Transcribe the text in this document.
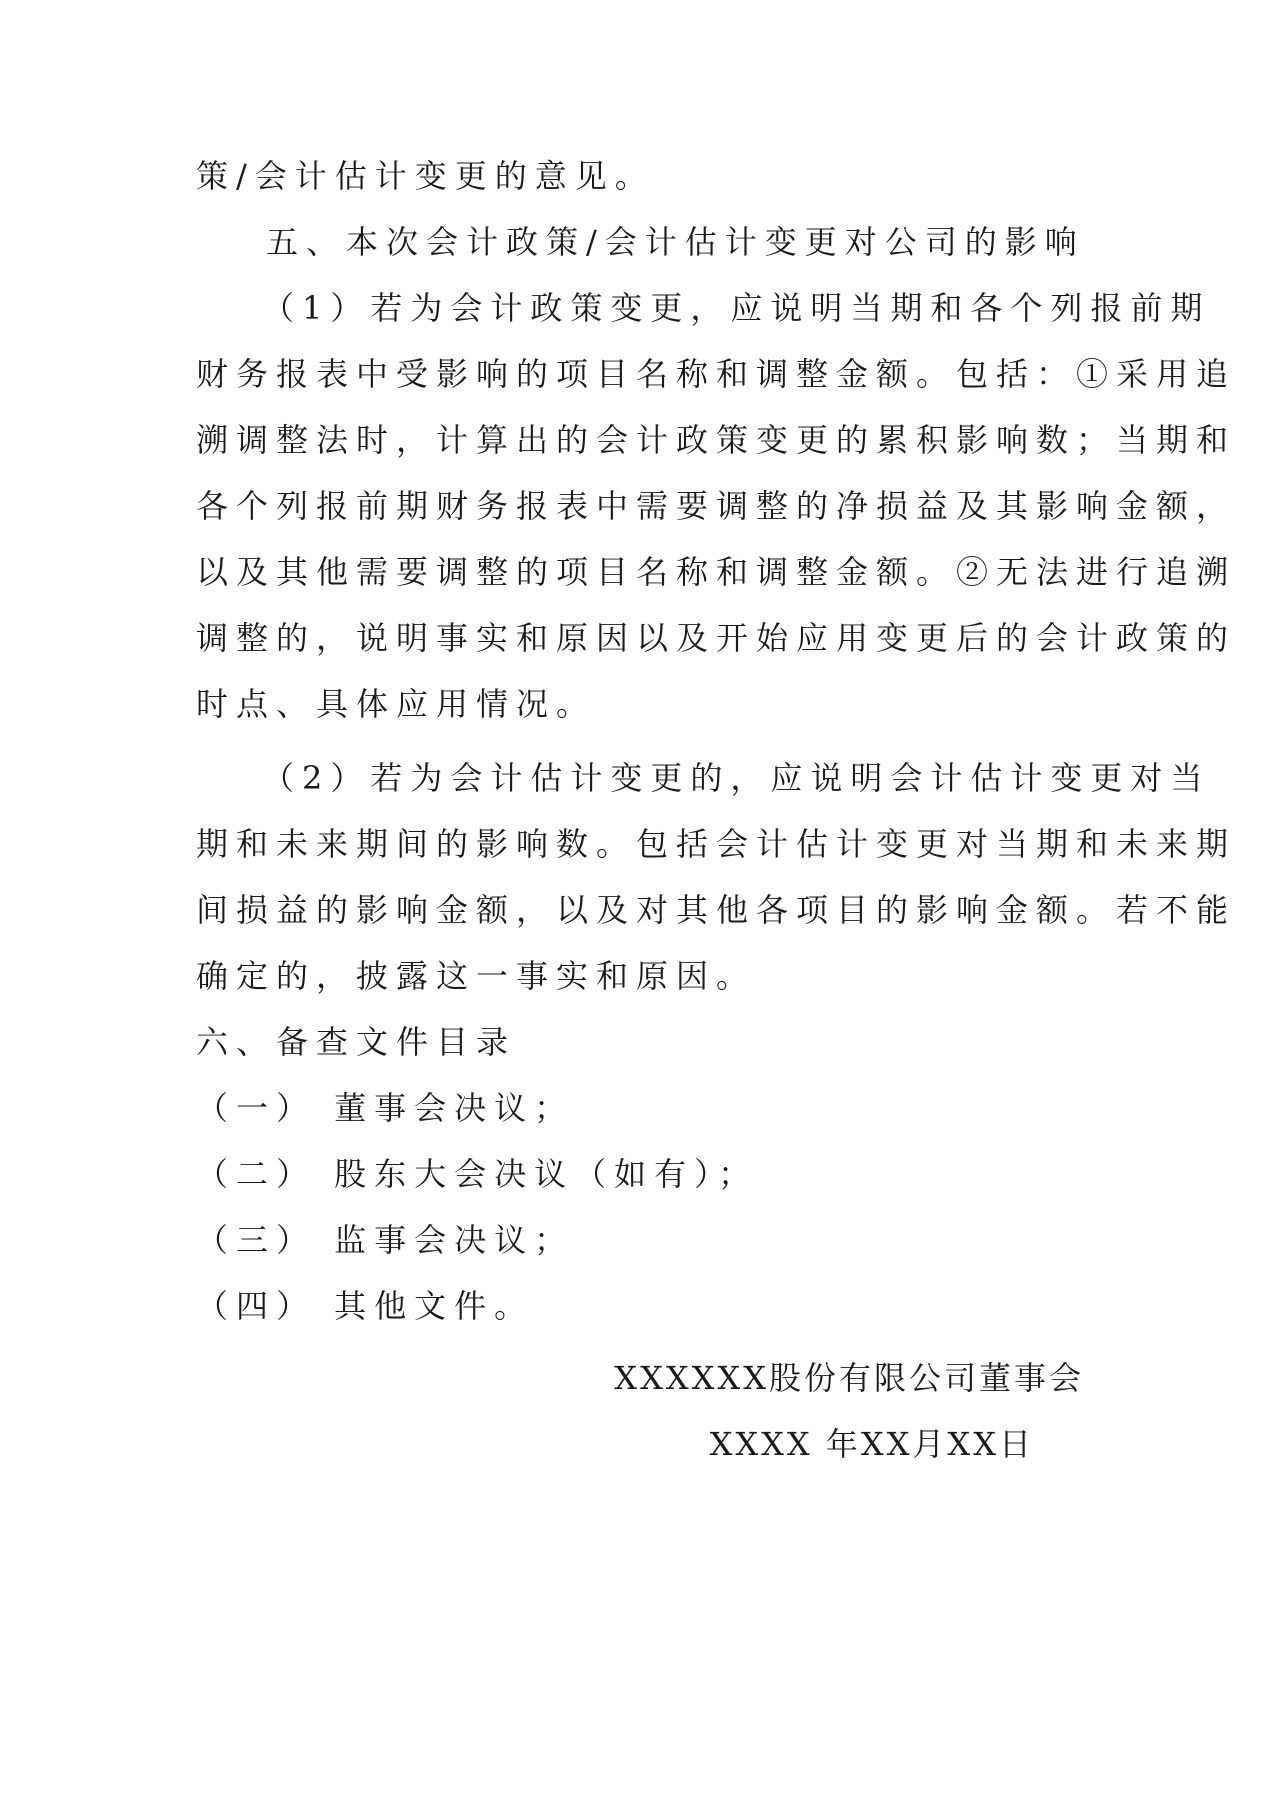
策/会计估计变更的意见。
五、本次会计政策/会计估计变更对公司的影响
（1）若为会计政策变更，应说明当期和各个列报前期
财务报表中受影响的项目名称和调整金额。包括：①采用追
溯调整法时，计算出的会计政策变更的累积影响数；当期和
各个列报前期财务报表中需要调整的净损益及其影响金额，
以及其他需要调整的项目名称和调整金额。②无法进行追溯
调整的，说明事实和原因以及开始应用变更后的会计政策的
时点、具体应用情况。
（2）若为会计估计变更的，应说明会计估计变更对当
期和未来期间的影响数。包括会计估计变更对当期和未来期
间损益的影响金额，以及对其他各项目的影响金额。若不能
确定的，披露这一事实和原因。
六、备查文件目录
（一） 董事会决议；
（二） 股东大会决议（如有）；
（三） 监事会决议；
（四） 其他文件。
XXXXXX股份有限公司董事会
XXXX 年XX月XX日
